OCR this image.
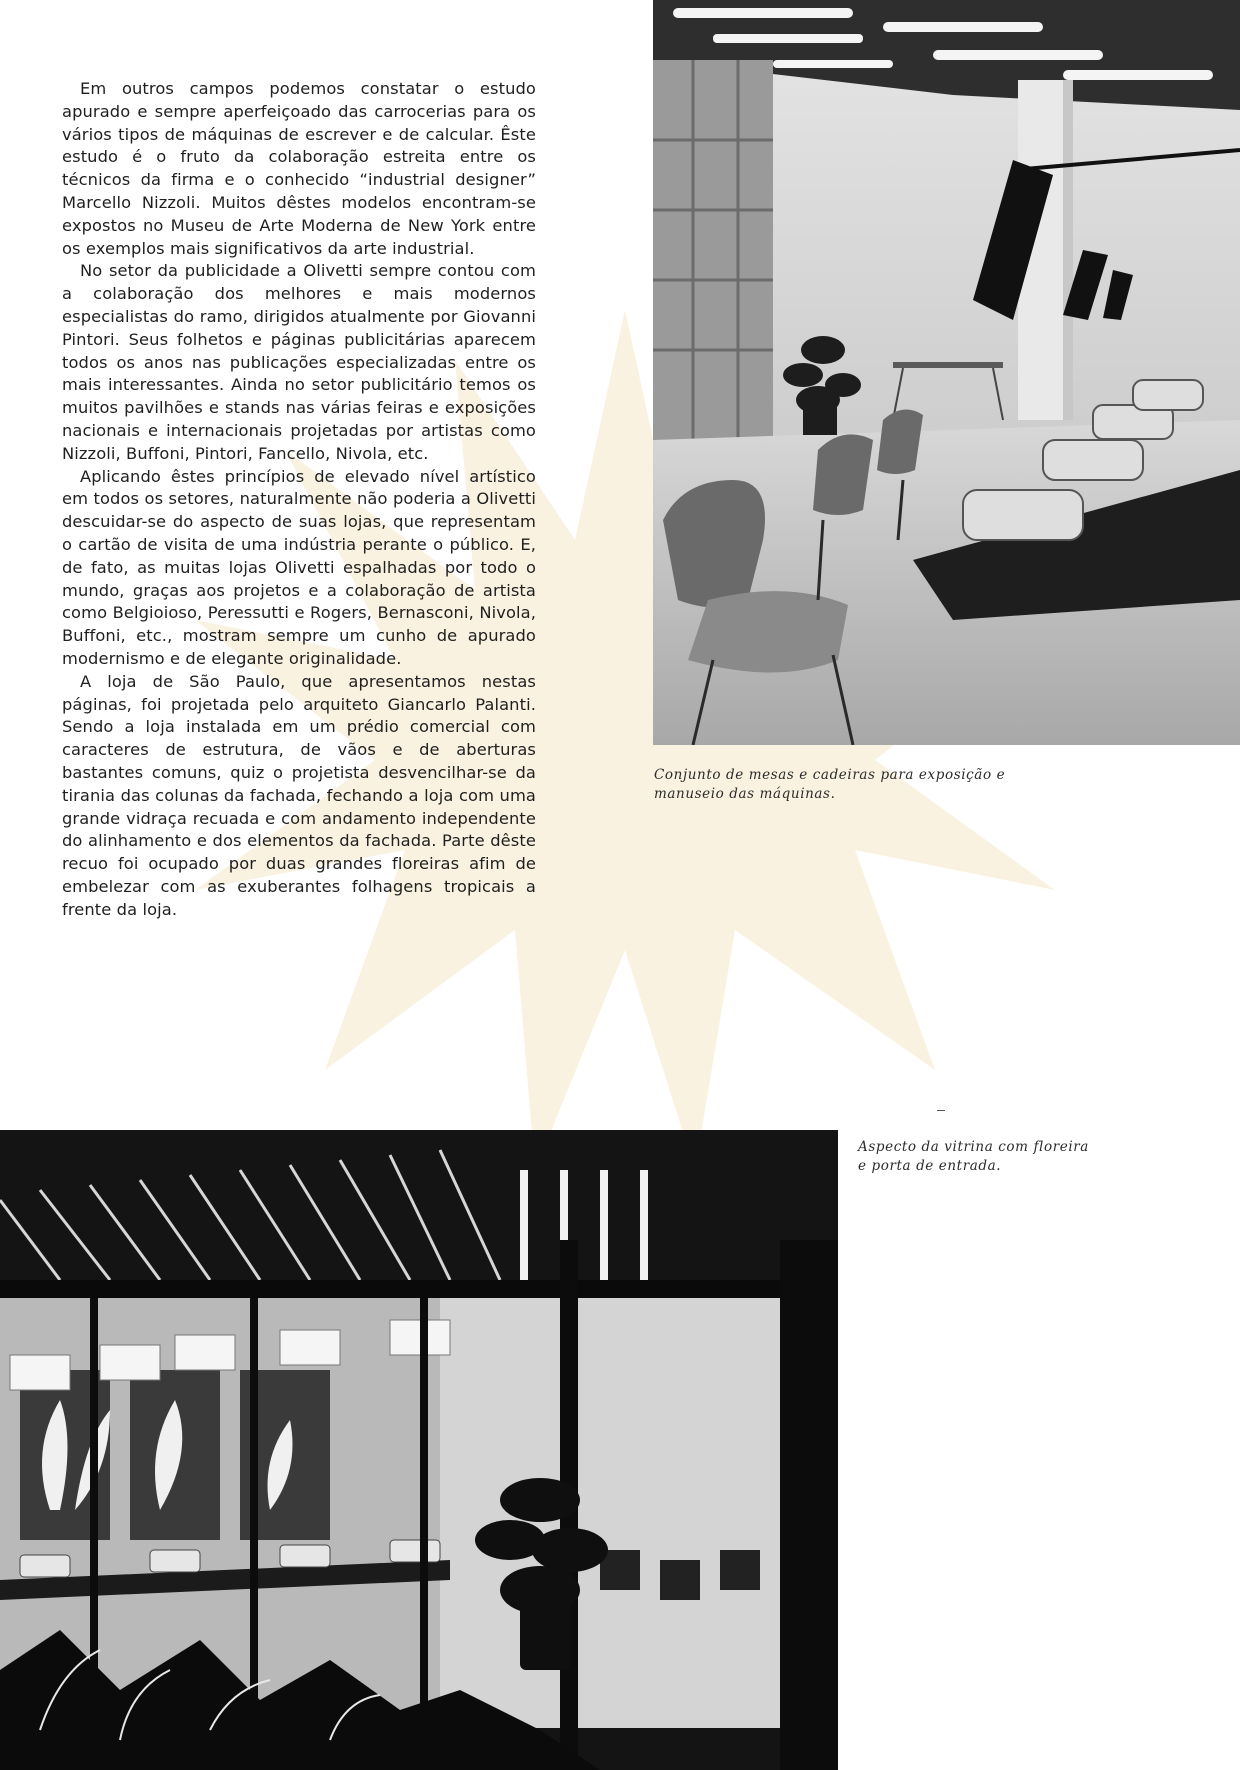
Em outros campos podemos constatar o estudo apurado e sempre aperfeiçoado das carrocerias para os vários tipos de máquinas de escrever e de calcular. Êste estudo é o fruto da colaboração estreita entre os técnicos da firma e o conhecido “industrial designer” Marcello Nizzoli. Muitos dêstes modelos encontram-se expostos no Museu de Arte Moderna de New York entre os exemplos mais significativos da arte industrial.

No setor da publicidade a Olivetti sempre contou com a colaboração dos melhores e mais modernos especialistas do ramo, dirigidos atualmente por Giovanni Pintori. Seus folhetos e páginas publicitárias aparecem todos os anos nas publicações especializadas entre os mais interessantes. Ainda no setor publicitário temos os muitos pavilhões e stands nas várias feiras e exposições nacionais e internacionais projetadas por artistas como Nizzoli, Buffoni, Pintori, Fancello, Nivola, etc.

Aplicando êstes princípios de elevado nível artístico em todos os setores, naturalmente não poderia a Olivetti descuidar-se do aspecto de suas lojas, que representam o cartão de visita de uma indústria perante o público. E, de fato, as muitas lojas Olivetti espalhadas por todo o mundo, graças aos projetos e a colaboração de artista como Belgioioso, Peressutti e Rogers, Bernasconi, Nivola, Buffoni, etc., mostram sempre um cunho de apurado modernismo e de elegante originalidade.

A loja de São Paulo, que apresentamos nestas páginas, foi projetada pelo arquiteto Giancarlo Palanti. Sendo a loja instalada em um prédio comercial com caracteres de estrutura, de vãos e de aberturas bastantes comuns, quiz o projetista desvencilhar-se da tirania das colunas da fachada, fechando a loja com uma grande vidraça recuada e com andamento independente do alinhamento e dos elementos da fachada. Parte dêste recuo foi ocupado por duas grandes floreiras afim de embelezar com as exuberantes folhagens tropicais a frente da loja.

Conjunto de mesas e cadeiras para exposição e manuseio das máquinas.
Aspecto da vitrina com floreira e porta de entrada.
